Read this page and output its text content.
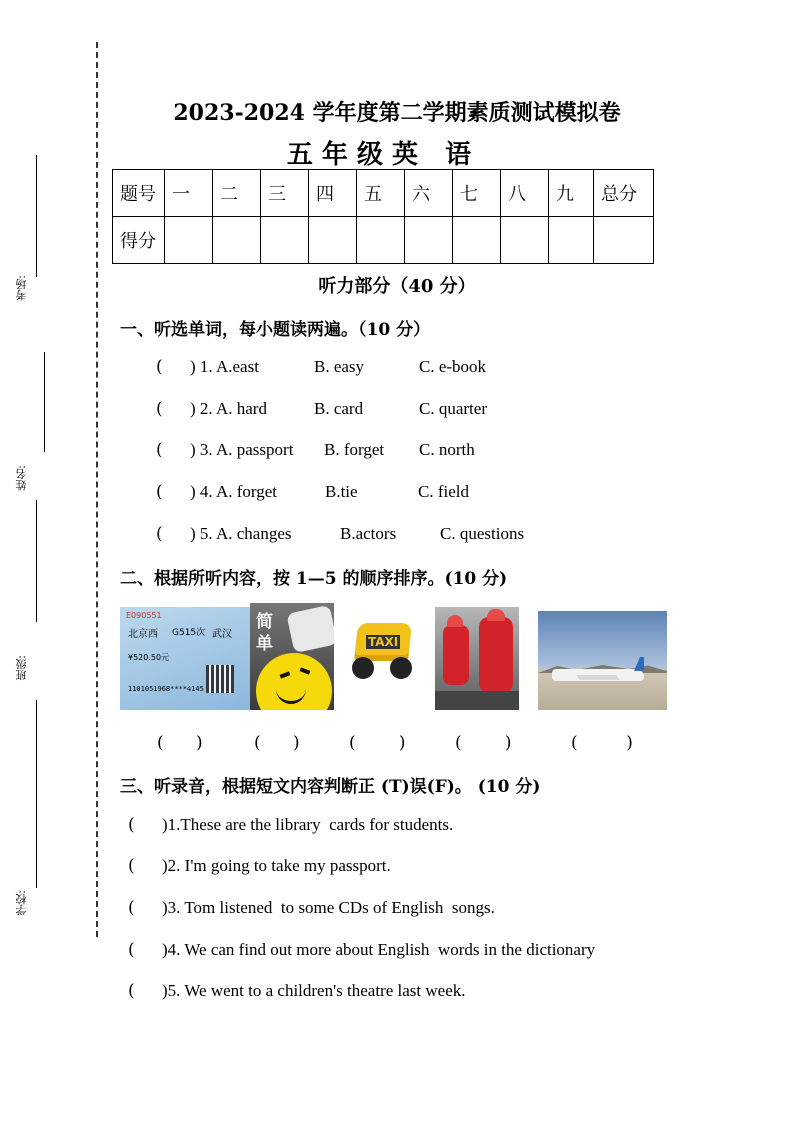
考场:
姓名:
班级:
学校:
2023-2024 学年度第二学期素质测试模拟卷
五 年 级 英   语
题号	一	二	三	四	五	六	七	八	九	总分
得分										
听力部分（40 分）
一、听选单词，每小题读两遍。（10 分）
( ) 1. A.east	B. easy	C. e-book
( ) 2. A. hard	B. card	C. quarter
( ) 3. A. passport B. forget C. north
( ) 4. A. forget	B.tie	C. field
( ) 5. A. changes	B.actors	C. questions
二、根据所听内容，按 1—5 的顺序排序。(10 分)
E090551
北京西 G515次 武汉
¥520.50元
1101051968****4145
简
单	TAXI
(      )	(      )	(        )	(        )	(         )
三、听录音，根据短文内容判断正 (T)误(F)。 (10 分)
( )1.These are the library  cards for students.
( )2. I'm going to take my passport.
( )3. Tom listened  to some CDs of English  songs.
( )4. We can find out more about English  words in the dictionary
( )5. We went to a children's theatre last week.
